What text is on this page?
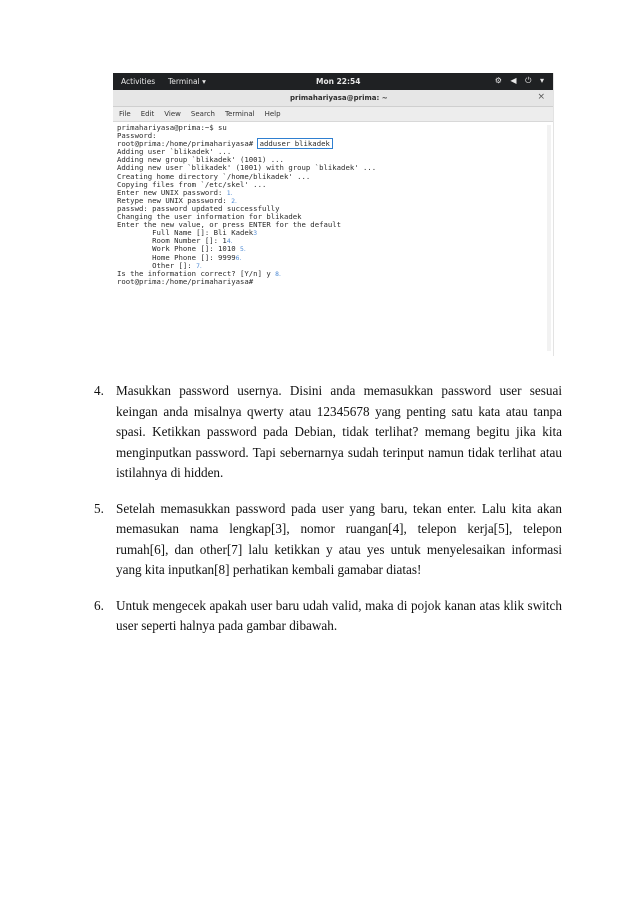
Activities Terminal ▾	Mon 22:54	⚙ ◀ ⏻ ▾
primahariyasa@prima: ~	×
File Edit View Search Terminal Help
primahariyasa@prima:~$ su
Password:
root@prima:/home/primahariyasa# adduser blikadek
Adding user `blikadek' ...
Adding new group `blikadek' (1001) ...
Adding new user `blikadek' (1001) with group `blikadek' ...
Creating home directory `/home/blikadek' ...
Copying files from `/etc/skel' ...
Enter new UNIX password: 1.
Retype new UNIX password: 2.
passwd: password updated successfully
Changing the user information for blikadek
Enter the new value, or press ENTER for the default
Full Name []: Bli Kadek3
Room Number []: 14.
Work Phone []: 1010 5.
Home Phone []: 99996.
Other []: 7.
Is the information correct? [Y/n] y 8.
root@prima:/home/primahariyasa#
4. Masukkan password usernya. Disini anda memasukkan password user sesuai keingan anda misalnya qwerty atau 12345678 yang penting satu kata atau tanpa spasi. Ketikkan password pada Debian, tidak terlihat? memang begitu jika kita menginputkan password. Tapi sebernarnya sudah terinput namun tidak terlihat atau istilahnya di hidden.
5. Setelah memasukkan password pada user yang baru, tekan enter. Lalu kita akan memasukan nama lengkap[3], nomor ruangan[4], telepon kerja[5], telepon rumah[6], dan other[7] lalu ketikkan y atau yes untuk menyelesaikan informasi yang kita inputkan[8] perhatikan kembali gamabar diatas!
6. Untuk mengecek apakah user baru udah valid, maka di pojok kanan atas klik switch user seperti halnya pada gambar dibawah.
